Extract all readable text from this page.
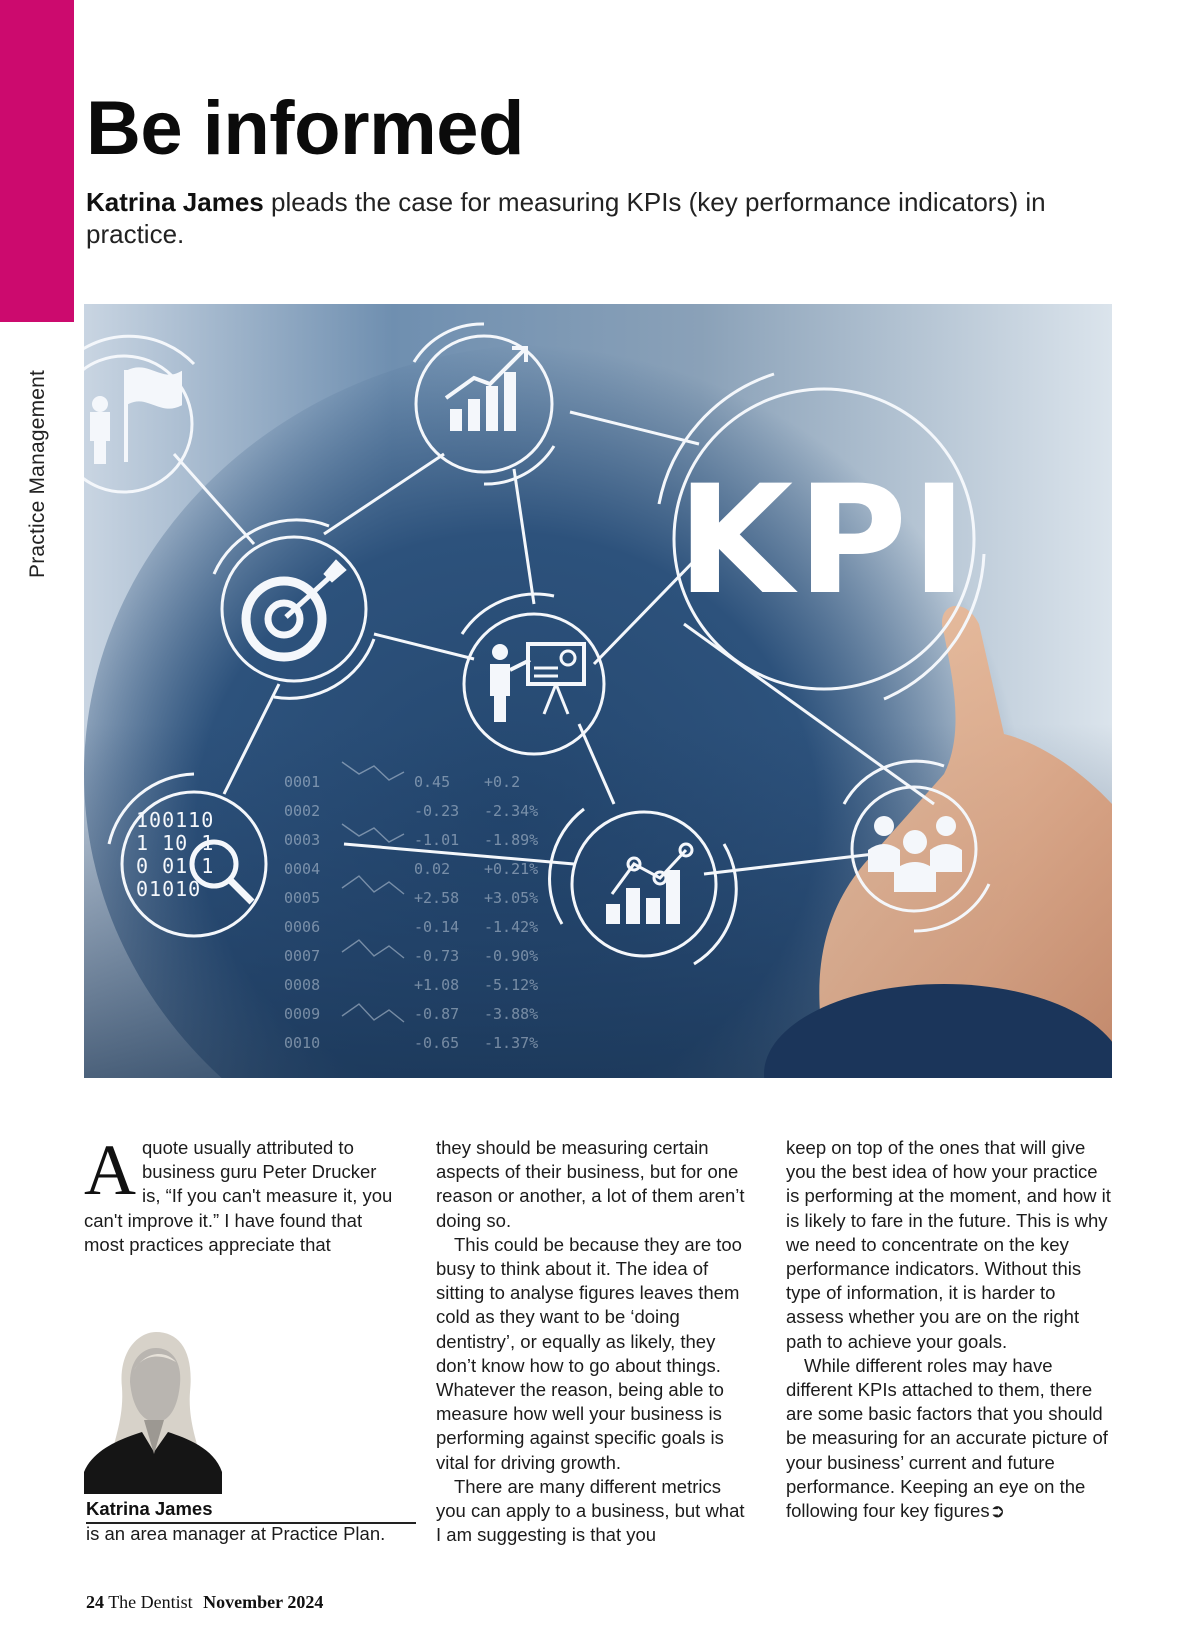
Practice Management
Be informed

Katrina James pleads the case for measuring KPIs (key performance indicators) in practice.

0001
0002
0003
0004
0005
0006
0007
0008
0009
0010
0.45
-0.23
-1.01
0.02
+2.58
-0.14
-0.73
+1.08
-0.87
-0.65
+0.2
-2.34%
-1.89%
+0.21%
+3.05%
-1.42%
-0.90%
-5.12%
-3.88%
-1.37%
KPI
100110
1 10 1
0 01 1
01010

Aquote usually attributed to business guru Peter Drucker is, “If you can't measure it, you can't improve it.” I have found that most practices appreciate that

Katrina James
is an area manager at Practice Plan.

they should be measuring certain aspects of their business, but for one reason or another, a lot of them aren’t doing so.

This could be because they are too busy to think about it. The idea of sitting to analyse figures leaves them cold as they want to be ‘doing dentistry’, or equally as likely, they don’t know how to go about things. Whatever the reason, being able to measure how well your business is performing against specific goals is vital for driving growth.

There are many different metrics you can apply to a business, but what I am suggesting is that you

keep on top of the ones that will give you the best idea of how your practice is performing at the moment, and how it is likely to fare in the future. This is why we need to concentrate on the key performance indicators. Without this type of information, it is harder to assess whether you are on the right path to achieve your goals.

While different roles may have different KPIs attached to them, there are some basic factors that you should be measuring for an accurate picture of your business’ current and future performance. Keeping an eye on the following four key figures➲

24 The Dentist November 2024
